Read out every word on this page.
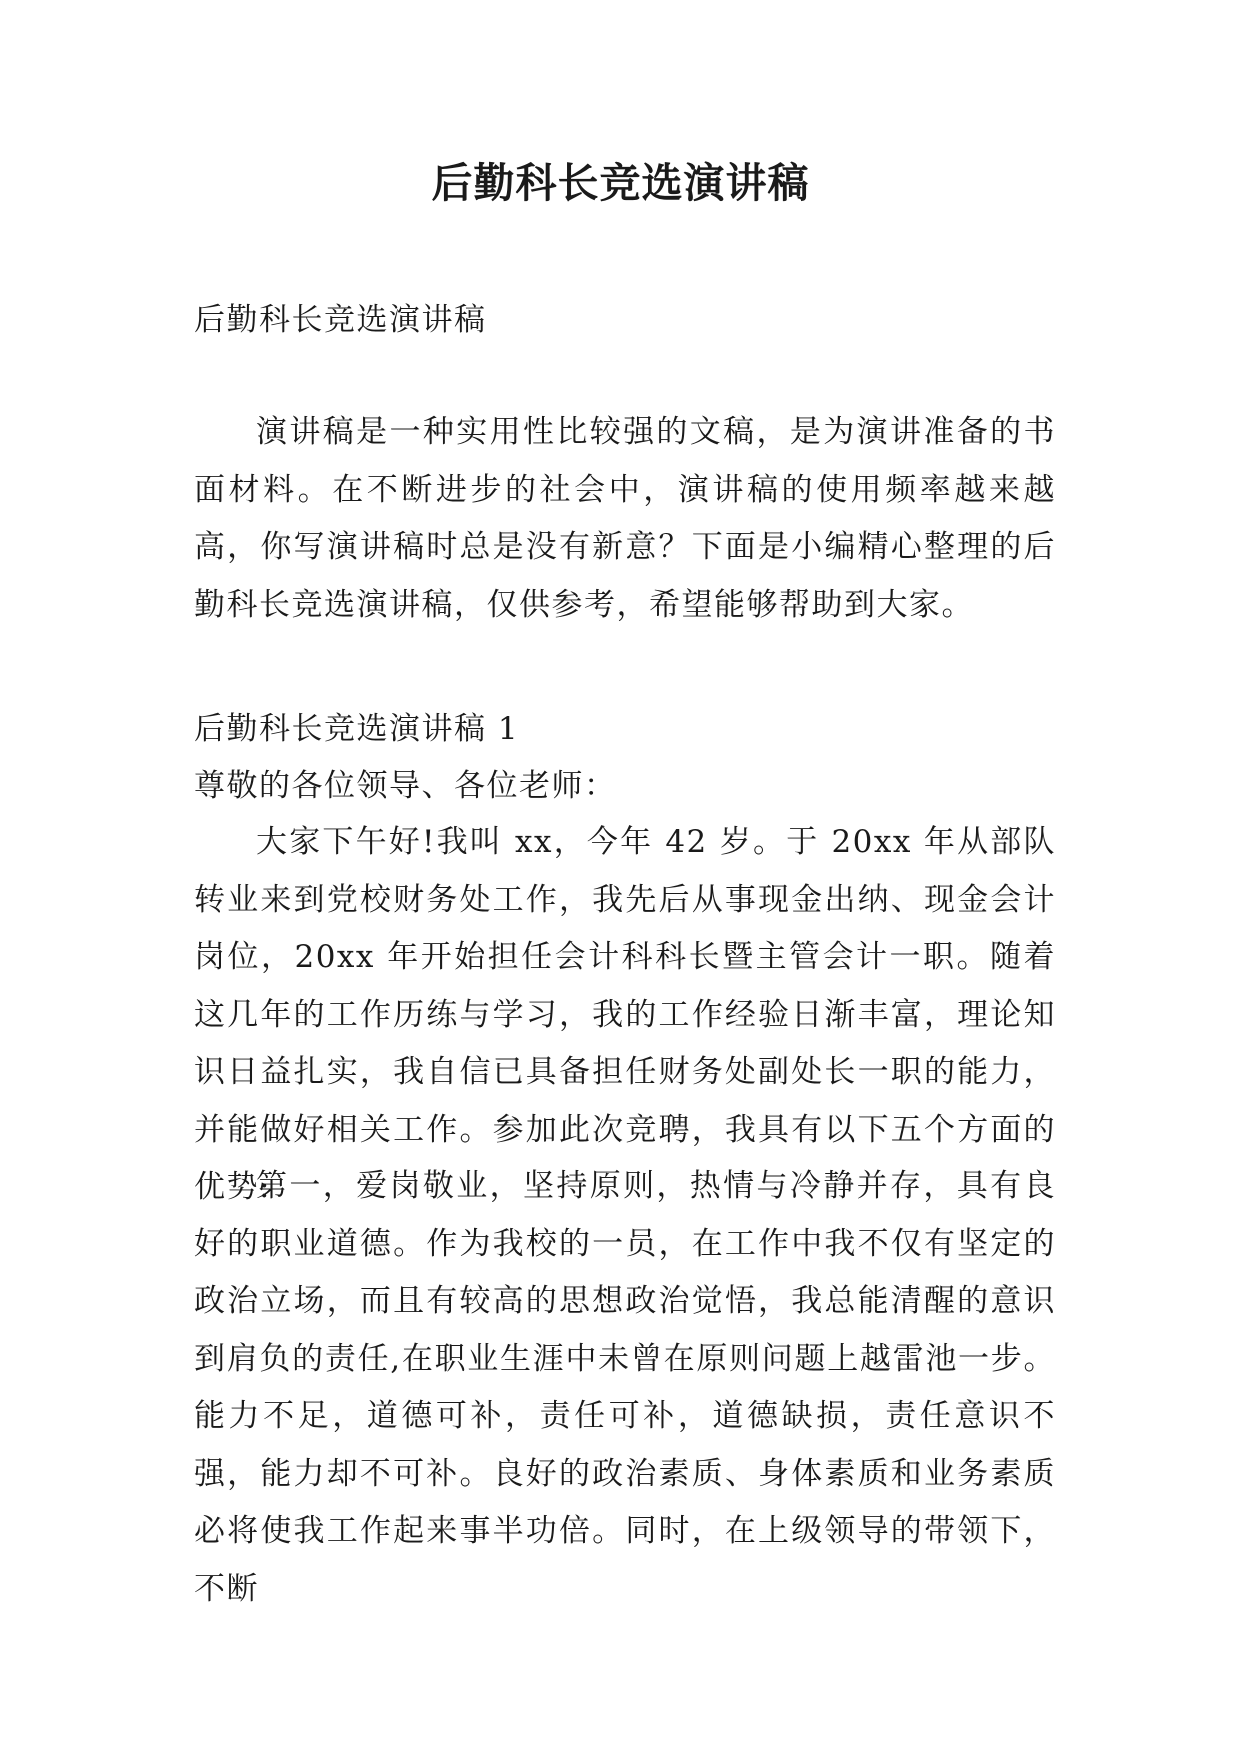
后勤科长竞选演讲稿
后勤科长竞选演讲稿

演讲稿是一种实用性比较强的文稿，是为演讲准备的书面材料。在不断进步的社会中，演讲稿的使用频率越来越高，你写演讲稿时总是没有新意？下面是小编精心整理的后勤科长竞选演讲稿，仅供参考，希望能够帮助到大家。

后勤科长竞选演讲稿 1
尊敬的各位领导、各位老师：

大家下午好!我叫 xx，今年 42 岁。于 20xx 年从部队转业来到党校财务处工作，我先后从事现金出纳、现金会计岗位，20xx 年开始担任会计科科长暨主管会计一职。随着这几年的工作历练与学习，我的工作经验日渐丰富，理论知识日益扎实，我自信已具备担任财务处副处长一职的能力，并能做好相关工作。参加此次竞聘，我具有以下五个方面的优势:

第一，爱岗敬业，坚持原则，热情与冷静并存，具有良好的职业道德。作为我校的一员，在工作中我不仅有坚定的政治立场，而且有较高的思想政治觉悟，我总能清醒的意识到肩负的责任,在职业生涯中未曾在原则问题上越雷池一步。能力不足，道德可补，责任可补，道德缺损，责任意识不强，能力却不可补。良好的政治素质、身体素质和业务素质必将使我工作起来事半功倍。同时，在上级领导的带领下，不断
